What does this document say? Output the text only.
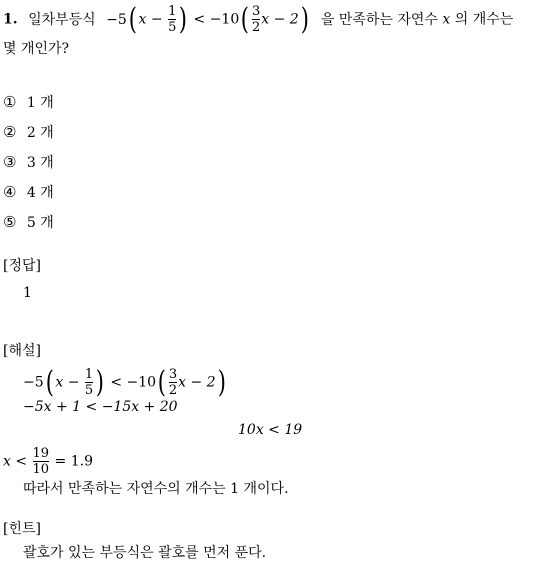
1. 일차부등식 −5( $x - \frac{1}{5}$ ) < $-10( \frac{3}{2}$ x − 2) 을 만족하는 자연수 x 의 개수는
몇 개인가?
① 1 개
② 2 개
③ 3 개
④ 4 개
⑤ 5 개
[정답]
1
[해설]
−5( $x - \frac{1}{5}$ ) < $-10( \frac{3}{2}$ x − 2)
−5x + 1 < −15x + 20
10x < 19
$x < \frac{19}{10} = 1.9$
따라서 만족하는 자연수의 개수는 1 개이다.
[힌트]
괄호가 있는 부등식은 괄호를 먼저 푼다.
